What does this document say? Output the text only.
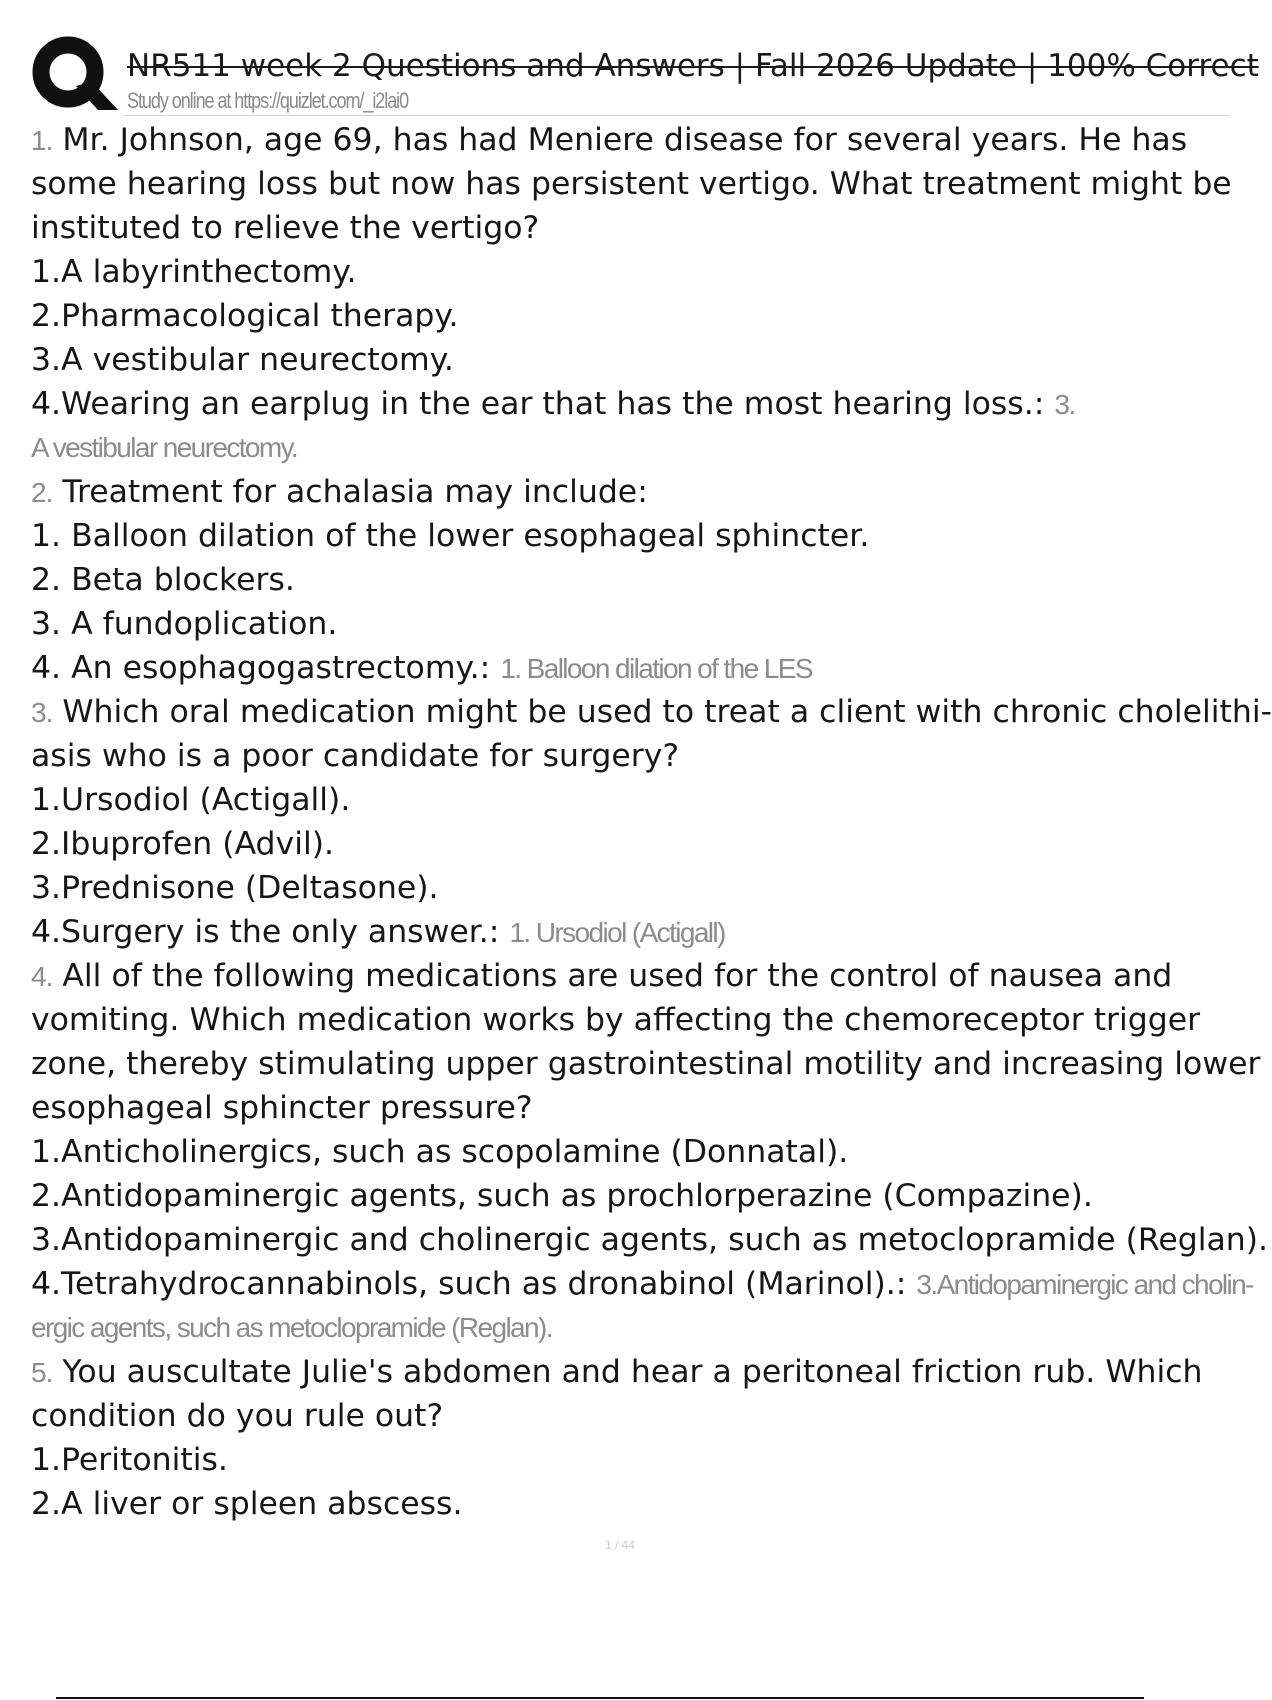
NR511 week 2 Questions and Answers | Fall 2026 Update | 100% Correct
Study online at https://quizlet.com/_i2lai0
1. Mr. Johnson, age 69, has had Meniere disease for several years. He has
some hearing loss but now has persistent vertigo. What treatment might be
instituted to relieve the vertigo?
1.A labyrinthectomy.
2.Pharmacological therapy.
3.A vestibular neurectomy.
4.Wearing an earplug in the ear that has the most hearing loss.: 3.
A vestibular neurectomy.
2. Treatment for achalasia may include:
1. Balloon dilation of the lower esophageal sphincter.
2. Beta blockers.
3. A fundoplication.
4. An esophagogastrectomy.: 1. Balloon dilation of the LES
3. Which oral medication might be used to treat a client with chronic cholelithi-
asis who is a poor candidate for surgery?
1.Ursodiol (Actigall).
2.Ibuprofen (Advil).
3.Prednisone (Deltasone).
4.Surgery is the only answer.: 1. Ursodiol (Actigall)
4. All of the following medications are used for the control of nausea and
vomiting. Which medication works by affecting the chemoreceptor trigger
zone, thereby stimulating upper gastrointestinal motility and increasing lower
esophageal sphincter pressure?
1.Anticholinergics, such as scopolamine (Donnatal).
2.Antidopaminergic agents, such as prochlorperazine (Compazine).
3.Antidopaminergic and cholinergic agents, such as metoclopramide (Reglan).
4.Tetrahydrocannabinols, such as dronabinol (Marinol).: 3.Antidopaminergic and cholin-
ergic agents, such as metoclopramide (Reglan).
5. You auscultate Julie's abdomen and hear a peritoneal friction rub. Which
condition do you rule out?
1.Peritonitis.
2.A liver or spleen abscess.
1 / 44
